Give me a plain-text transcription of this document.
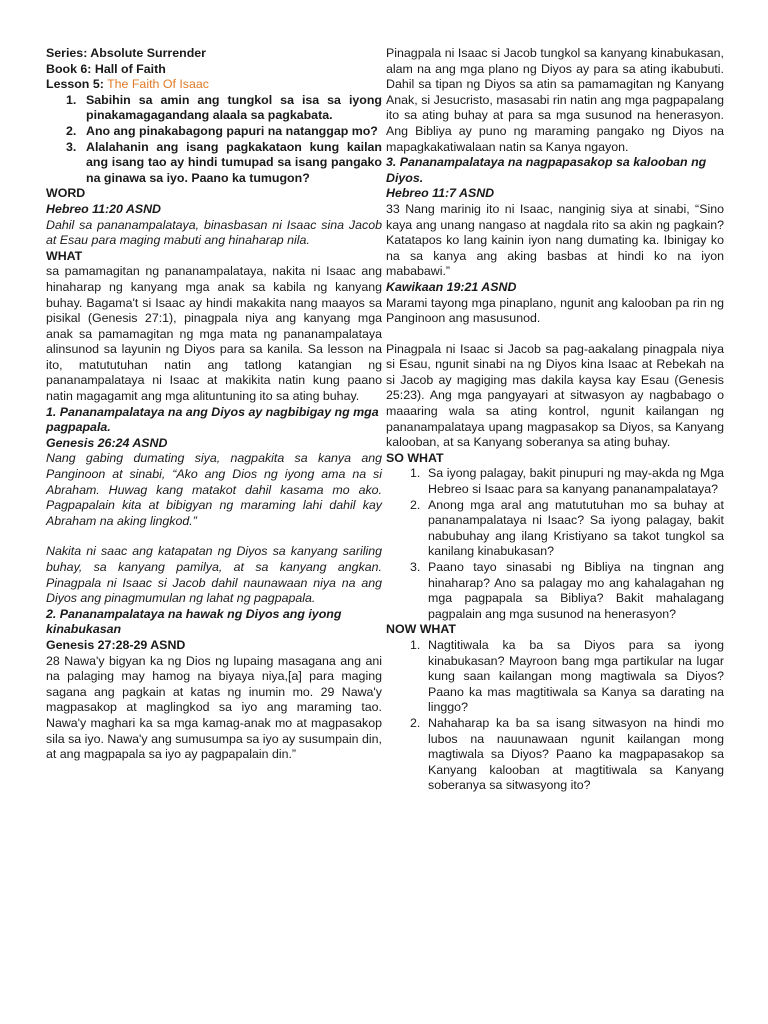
Series: Absolute Surrender

Book 6: Hall of Faith

Lesson 5: The Faith Of Isaac

1. Sabihin sa amin ang tungkol sa isa sa iyong pinakamagagandang alaala sa pagkabata.
2. Ano ang pinakabagong papuri na natanggap mo?
3. Alalahanin ang isang pagkakataon kung kailan ang isang tao ay hindi tumupad sa isang pangako na ginawa sa iyo. Paano ka tumugon?

WORD

Hebreo 11:20 ASND

Dahil sa pananampalataya, binasbasan ni Isaac sina Jacob at Esau para maging mabuti ang hinaharap nila.

WHAT

sa pamamagitan ng pananampalataya, nakita ni Isaac ang hinaharap ng kanyang mga anak sa kabila ng kanyang buhay. Bagama't si Isaac ay hindi makakita nang maayos sa pisikal (Genesis 27:1), pinagpala niya ang kanyang mga anak sa pamamagitan ng mga mata ng pananampalataya alinsunod sa layunin ng Diyos para sa kanila. Sa lesson na ito, matututuhan natin ang tatlong katangian ng pananampalataya ni Isaac at makikita natin kung paano natin magagamit ang mga alituntuning ito sa ating buhay.

1. Pananampalataya na ang Diyos ay nagbibigay ng mga pagpapala.

Genesis 26:24 ASND

Nang gabing dumating siya, nagpakita sa kanya ang Panginoon at sinabi, “Ako ang Dios ng iyong ama na si Abraham. Huwag kang matakot dahil kasama mo ako. Pagpapalain kita at bibigyan ng maraming lahi dahil kay Abraham na aking lingkod.”

Nakita ni saac ang katapatan ng Diyos sa kanyang sariling buhay, sa kanyang pamilya, at sa kanyang angkan. Pinagpala ni Isaac si Jacob dahil naunawaan niya na ang Diyos ang pinagmumulan ng lahat ng pagpapala.

2. Pananampalataya na hawak ng Diyos ang iyong kinabukasan

Genesis 27:28-29 ASND

28 Nawa'y bigyan ka ng Dios ng lupaing masagana ang ani na palaging may hamog na biyaya niya,[a] para maging sagana ang pagkain at katas ng inumin mo. 29 Nawa'y magpasakop at maglingkod sa iyo ang maraming tao. Nawa'y maghari ka sa mga kamag-anak mo at magpasakop sila sa iyo. Nawa'y ang sumusumpa sa iyo ay susumpain din, at ang magpapala sa iyo ay pagpapalain din.”

Pinagpala ni Isaac si Jacob tungkol sa kanyang kinabukasan, alam na ang mga plano ng Diyos ay para sa ating ikabubuti. Dahil sa tipan ng Diyos sa atin sa pamamagitan ng Kanyang Anak, si Jesucristo, masasabi rin natin ang mga pagpapalang ito sa ating buhay at para sa mga susunod na henerasyon. Ang Bibliya ay puno ng maraming pangako ng Diyos na mapagkakatiwalaan natin sa Kanya ngayon.

3. Pananampalataya na nagpapasakop sa kalooban ng Diyos.

Hebreo 11:7 ASND

33 Nang marinig ito ni Isaac, nanginig siya at sinabi, “Sino kaya ang unang nangaso at nagdala rito sa akin ng pagkain? Katatapos ko lang kainin iyon nang dumating ka. Ibinigay ko na sa kanya ang aking basbas at hindi ko na iyon mababawi.”

Kawikaan 19:21 ASND

Marami tayong mga pinaplano, ngunit ang kalooban pa rin ng Panginoon ang masusunod.

Pinagpala ni Isaac si Jacob sa pag-aakalang pinagpala niya si Esau, ngunit sinabi na ng Diyos kina Isaac at Rebekah na si Jacob ay magiging mas dakila kaysa kay Esau (Genesis 25:23). Ang mga pangyayari at sitwasyon ay nagbabago o maaaring wala sa ating kontrol, ngunit kailangan ng pananampalataya upang magpasakop sa Diyos, sa Kanyang kalooban, at sa Kanyang soberanya sa ating buhay.

SO WHAT

1. Sa iyong palagay, bakit pinupuri ng may-akda ng Mga Hebreo si Isaac para sa kanyang pananampalataya?
2. Anong mga aral ang matututuhan mo sa buhay at pananampalataya ni Isaac? Sa iyong palagay, bakit nabubuhay ang ilang Kristiyano sa takot tungkol sa kanilang kinabukasan?
3. Paano tayo sinasabi ng Bibliya na tingnan ang hinaharap? Ano sa palagay mo ang kahalagahan ng mga pagpapala sa Bibliya? Bakit mahalagang pagpalain ang mga susunod na henerasyon?

NOW WHAT

1. Nagtitiwala ka ba sa Diyos para sa iyong kinabukasan? Mayroon bang mga partikular na lugar kung saan kailangan mong magtiwala sa Diyos? Paano ka mas magtitiwala sa Kanya sa darating na linggo?
2. Nahaharap ka ba sa isang sitwasyon na hindi mo lubos na nauunawaan ngunit kailangan mong magtiwala sa Diyos? Paano ka magpapasakop sa Kanyang kalooban at magtitiwala sa Kanyang soberanya sa sitwasyong ito?
